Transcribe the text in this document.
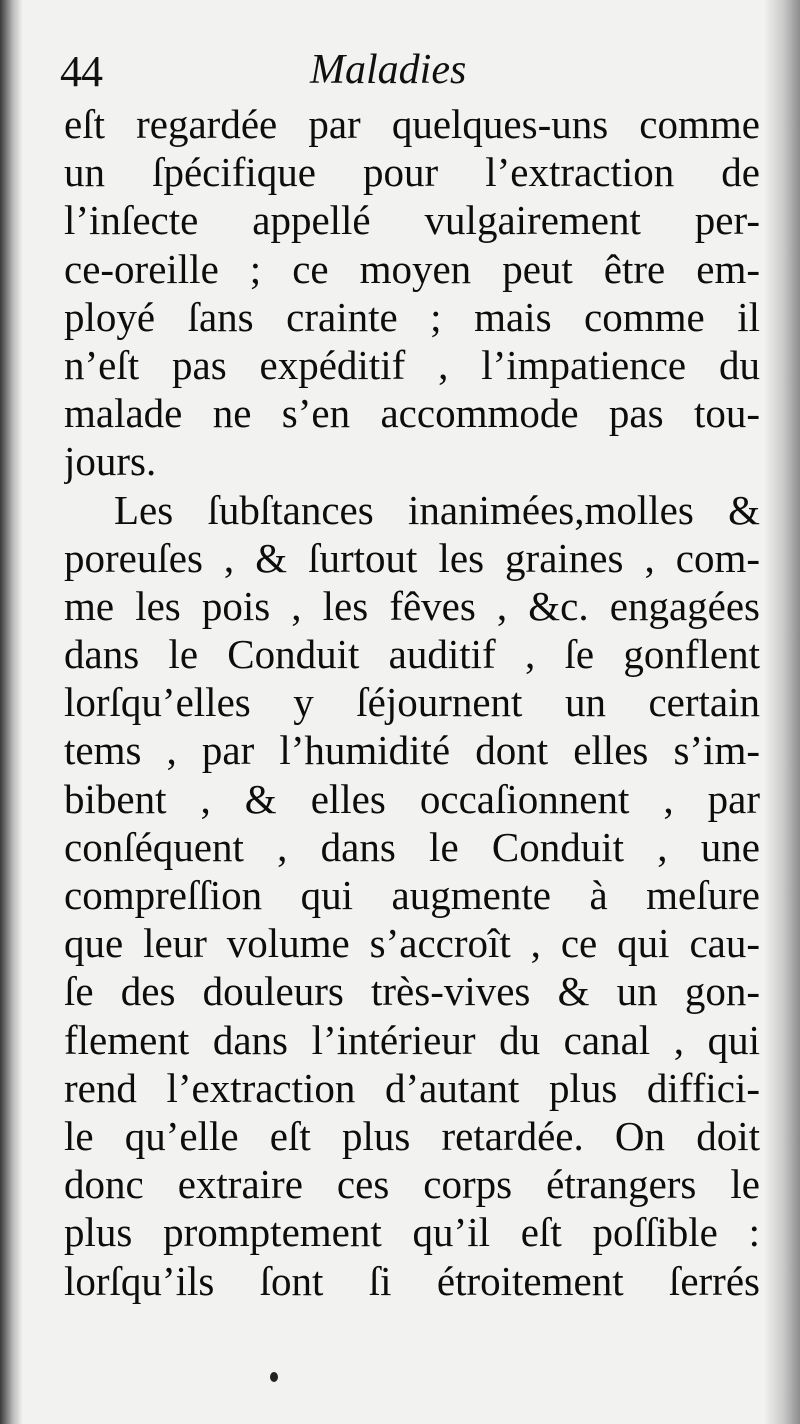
44	Maladies
eſt regardée par quelques-uns comme
un ſpécifique pour l’extraction de
l’inſecte appellé vulgairement per-
ce-oreille ; ce moyen peut être em-
ployé ſans crainte ; mais comme il
n’eſt pas expéditif , l’impatience du
malade ne s’en accommode pas tou-
jours.
Les ſubſtances inanimées,molles &
poreuſes , & ſurtout les graines , com-
me les pois , les fêves , &c. engagées
dans le Conduit auditif , ſe gonflent
lorſqu’elles y ſéjournent un certain
tems , par l’humidité dont elles s’im-
bibent , & elles occaſionnent , par
conſéquent , dans le Conduit , une
compreſſion qui augmente à meſure
que leur volume s’accroît , ce qui cau-
ſe des douleurs très-vives & un gon-
flement dans l’intérieur du canal , qui
rend l’extraction d’autant plus diffici-
le qu’elle eſt plus retardée. On doit
donc extraire ces corps étrangers le
plus promptement qu’il eſt poſſible :
lorſqu’ils ſont ſi étroitement ſerrés
